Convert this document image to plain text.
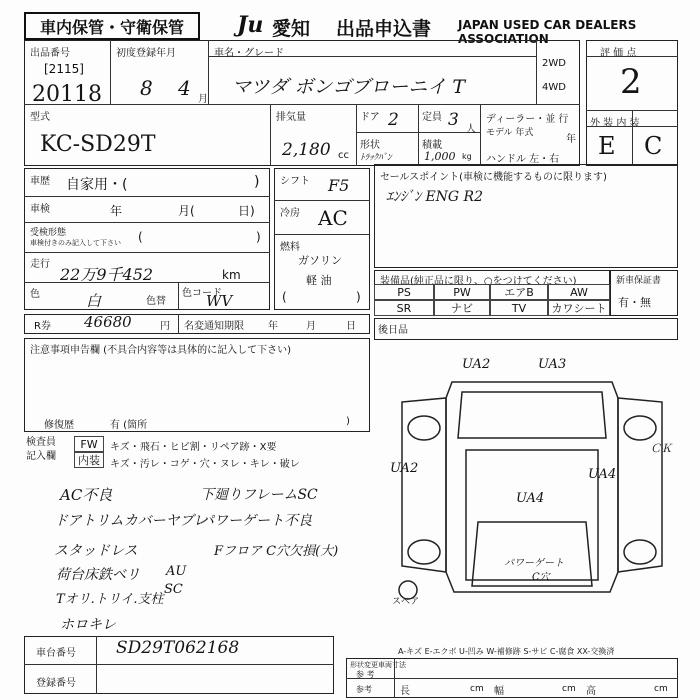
車内保管・守衛保管	Ju 愛知 出品申込書 JAPAN USED CAR DEALERS ASSOCIATION
出品番号
[2115]
20118
初度登録年月
8 4 月
車名・グレード
マツダ ボンゴブローニイ T
2WD
4WD
評 価 点
2
外 装 内 装
E C
型式
KC-SD29T
排気量
2,180 cc
ドア 2 定員 3 人
形状
ﾄﾗｯｸﾊﾞﾝ
積載
1,000 kg
ディーラー・並 行
モデル 年式
年
ハンドル 左・右
車歴 自家用・(	)
車検	年	月(	日)
受検形態
車検付きのみ記入して下さい (	)
走行
22万9千452	km
色	白	色替
色コード
WV
シフト F5
冷房 AC
燃料
ガソリン
軽 油
(	)
セールスポイント(車検に機能するものに限ります)
ｴﾝｼﾞﾝ ENG R2
装備品(純正品に限り、○をつけてください)
PS	PW	エアB	AW
SR	ナビ	TV	カワシート
新車保証書
有・無
R券 46680	円 名変通知期限 年	月	日 後日品
注意事項申告欄 (不具合内容等は具体的に記入して下さい)
修復歴	有 (箇所	)
検査員 記入欄
FW	キズ・飛石・ヒビ割・リペア跡・X要
内装	キズ・汚レ・コゲ・穴・ヌレ・キレ・破レ
AC不良
ドアトリムカバーヤブレ
スタッドレス
荷台床鉄ベリ
Tオリ.トリイ.支柱
ホロキレ
AU
SC
下廻りフレームSC
パワーゲート不良
Fフロア C穴欠損(大)
UA2	UA3
UA2	UA4
UA4
パワーゲート
C穴
ＣＫ
スペア
A-キズ E-エクボ U-凹み W-補修跡 S-サビ C-腐食 XX-交換済
車台番号 SD29T062168
登録番号
形状変更車両寸法
参 考
参考	長	cm 幅	cm 高	cm
